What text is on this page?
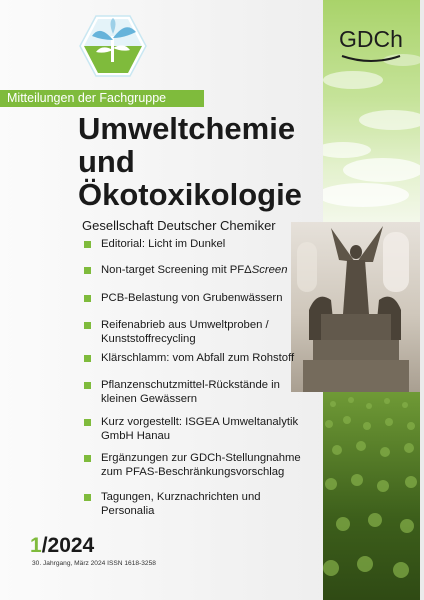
GDCh
Mitteilungen der Fachgruppe
Umweltchemie
und
Ökotoxikologie
Gesellschaft Deutscher Chemiker
Editorial: Licht im Dunkel
Non-target Screening mit PFΔScreen
PCB-Belastung von Grubenwässern
Reifenabrieb aus Umweltproben /
Kunststoffrecycling
Klärschlamm: vom Abfall zum Rohstoff
Pflanzenschutzmittel-Rückstände in
kleinen Gewässern
Kurz vorgestellt: ISGEA Umweltanalytik
GmbH Hanau
Ergänzungen zur GDCh-Stellungnahme
zum PFAS-Beschränkungsvorschlag
Tagungen, Kurznachrichten und
Personalia
1/2024
30. Jahrgang, März 2024 ISSN 1618-3258
